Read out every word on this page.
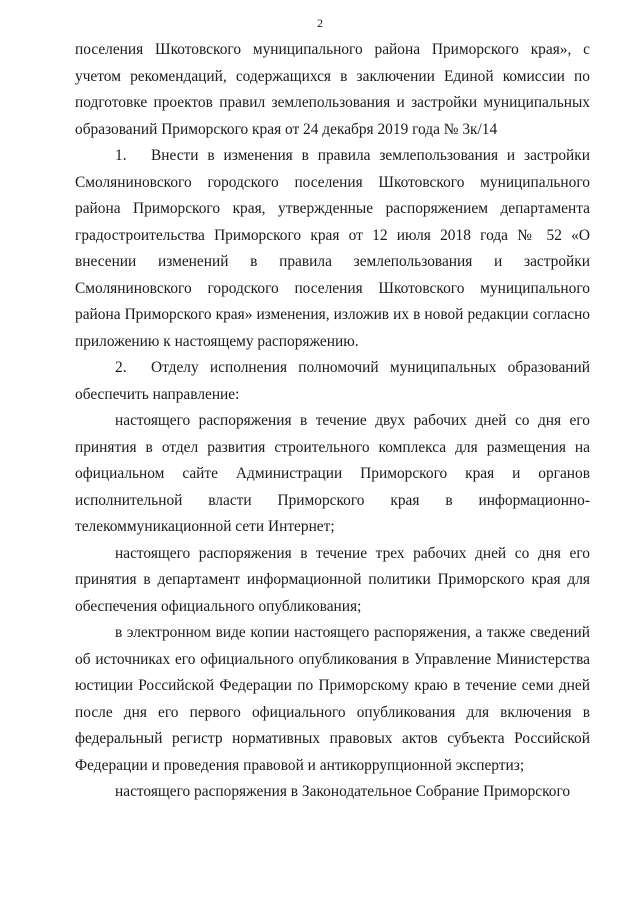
2

поселения Шкотовского муниципального района Приморского края», с учетом рекомендаций, содержащихся в заключении Единой комиссии по подготовке проектов правил землепользования и застройки муниципальных образований Приморского края от 24 декабря 2019 года № 3к/14

1. Внести в изменения в правила землепользования и застройки Смоляниновского городского поселения Шкотовского муниципального района Приморского края, утвержденные распоряжением департамента градостроительства Приморского края от 12 июля 2018 года № 52 «О внесении изменений в правила землепользования и застройки Смоляниновского городского поселения Шкотовского муниципального района Приморского края» изменения, изложив их в новой редакции согласно приложению к настоящему распоряжению.

2. Отделу исполнения полномочий муниципальных образований обеспечить направление:

настоящего распоряжения в течение двух рабочих дней со дня его принятия в отдел развития строительного комплекса для размещения на официальном сайте Администрации Приморского края и органов исполнительной власти Приморского края в информационно-телекоммуникационной сети Интернет;

настоящего распоряжения в течение трех рабочих дней со дня его принятия в департамент информационной политики Приморского края для обеспечения официального опубликования;

в электронном виде копии настоящего распоряжения, а также сведений об источниках его официального опубликования в Управление Министерства юстиции Российской Федерации по Приморскому краю в течение семи дней после дня его первого официального опубликования для включения в федеральный регистр нормативных правовых актов субъекта Российской Федерации и проведения правовой и антикоррупционной экспертиз;

настоящего распоряжения в Законодательное Собрание Приморского
